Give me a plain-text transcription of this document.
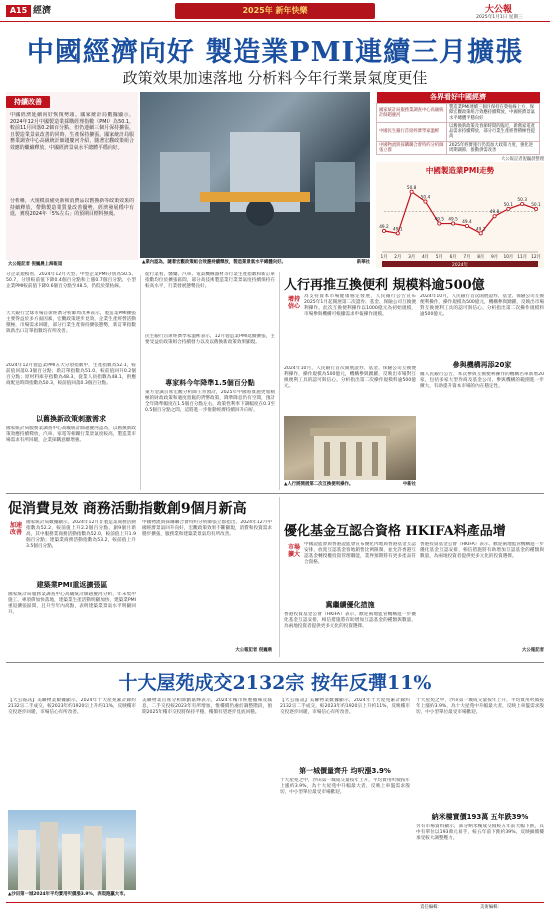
A15 經濟	2025年 新年快樂	大公報
2025年1月1日 星期三
中國經濟向好 製造業PMI連續三月擴張
政策效果加速落地 分析料今年行業景氣度更佳
持續改善
中國經濟延續向好恢復勢頭。國家統計局數據顯示，2024年12月中國製造業採購經理指數（PMI）為50.1，較前11月回落0.2個百分點，但仍連續三個月保持擴張，且製造業景氣改善的同時，生產保持擴張。國家統計局服務業調查中心高級統計師趙慶河介紹，隨著宏觀政策組合效應的繼續釋放，中國經濟景氣水平總體平穩向好。
分析稱，大規模設備更新和消費品以舊換新等政策效果的持續釋放，帶動製造業質量改善優勢，經濟發展穩中有進，實現2024年「5%左右」的預期目標料無虞。
大公報記者 倪巍晨上海報道	▲業內認為，隨著宏觀政策組合效應持續釋放，製造業景氣水平總體向好。	新華社
各界看好中國經濟	
國家統計局服務業調查中心高級統計師趙慶河	製造業PMI連續三個月保持在榮枯線上方，保障宏觀政策組合效應持續釋放，中國經濟景氣水平總體平穩向好
中國民生銀行首席經濟學家溫彬	以舊換新政策及春節時間的臨近，新舊家電產品需求持續釋放，部分行業生產經營積極性提高
中國物流與採購聯合會特約分析師張立群	2025年經濟運行仍需加大政策力度，強化逆周期調節，推動供需改善
大公報記者倪巍晨整理
中國製造業PMI走勢
49.2
1月
49.1
2月
50.8
3月
50.4
4月
49.5
5月
49.5
6月
49.4
7月
49.1
8月
49.8
9月
50.1
10月
50.3
11月
50.1
12月
2024年
分企業規模看，2024年12月大型、中型企業PMI分別為50.5、50.7，分別較前值下降0.4個百分點和上漲0.7個百分點，小型企業PMI較前值下降0.6個百分點至48.5，仍低於榮枯線。
天大銀行全球市場首席經濟分析師周茂華表示，製造業PMI擴張主要得益於多方面因素，宏觀政策逐步見效，企業生產經營活動積極，市場需求回暖，部分行業生產保持擴張態勢，新訂單指數與新出口訂單指數均有所改善。
2024年12月製造業PMI五大分項指數中，生產指數為52.1，較前值回落0.3個百分點；新訂單指數為51.0，較前值回升0.2個百分點；原材料庫存指數為48.3，從業人員指數為48.1，供應商配送時間指數為50.3，較前值回落0.3個百分點。
以舊換新政策刺激需求
國家統計局服務業調查中心高級統計師趙慶河認為，以舊換新政策效應持續釋放，汽車、家電等相關行業景氣度較高，製造業市場需求有所回暖，企業採購意願增強。
從行業看，醫藥、汽車、電氣機械器材等行業生產指數和新訂單指數均位於擴張區間，部分高技術製造業行業景氣度持續保持在較高水平，行業發展態勢良好。
民生銀行首席經濟學家溫彬表示，12月製造業PMI延續擴張，主要受益於政策組合持續發力以及以舊換新政策效果顯現。
專家料今年降準1.5個百分點
東方金誠首席宏觀分析師王青預計，2025年中國將實施更加積極的財政政策和適度寬鬆的貨幣政策，降準降息仍有空間，預計全年降準幅度在1.5個百分點左右，政策性利率下調幅度在0.3至0.5個百分點之間，這將進一步推動經濟持續回升向好。
人行再推互換便利 規模料逾500億
增持信心
為支持資本市場健康穩定發展，人民銀行公告宣布2025年1月起開展第二次證券、基金、保險公司互換便利操作。此次互換便利操作以1000億元為初始規模，市場參與機構可根據需求申報操作規模。
2024年10月，人民銀行首次開展證券、基金、保險公司互換便利操作，操作規模為500億元，機構參與踴躍，反映出市場對互換便利工具的認可與信心。分析指出第二次操作規模料逾500億元。
▲人行將開展第二次互換便利操作。	中新社
2024年10月，人民銀行首次開展證券、基金、保險公司互換便利操作，操作規模為500億元，機構參與踴躍，反映出市場對互換便利工具的認可與信心。分析指出第二次操作規模料逾500億元。
參與機構再添20家
據人民銀行公告，本次參與互換便利操作的機構名單新增20家，包括多家大型券商及基金公司，參與機構的範圍進一步擴大，有助提升資本市場的內在穩定性。
促消費見效 商務活動指數創9個月新高
加速改善
國家統計局數據顯示，2024年12月非製造業商務活動指數為52.2，較前值上升2.2個百分點，創9個月新高，其中服務業商務活動指數為52.0，較前值上升1.9個百分點；建築業商務活動指數為53.2，較前值上升3.5個百分點。
建築業PMI重返擴張區
國家統計局服務業調查中心高級統計師趙慶河分析，年末集中施工、專項債加快落地，建築業生產活動明顯加快，建築業PMI重返擴張區間，且升至年內高點，表明建築業景氣水平明顯回升。
中國物流與採購聯合會特約分析師張立群指出，2024年12月中國經濟景氣回升向好，宏觀政策效果不斷顯現，消費和投資需求穩步擴張，服務業和建築業景氣均有所改善。
大公報記者 倪巍晨
優化基金互認合資格 HKIFA料產品增
市場擴大
中國證監會與香港證監會宣布優化內地與香港基金互認安排，放寬互認基金客地銷售比例限制，並允許香港互認基金轉授權投資管理職能，業界預期將有更多產品符合資格。
冀繼續優化措施
香港投資基金公會（HKIFA）表示，歡迎兩地監管機構進一步優化基金互認安排，相信措施將有助增加互認基金的種類與數量，為兩地投資者提供更多元化的投資選擇。
香港投資基金公會（HKIFA）表示，歡迎兩地監管機構進一步優化基金互認安排，相信措施將有助增加互認基金的種類與數量，為兩地投資者提供更多元化的投資選擇。
大公報記者
十大屋苑成交2132宗 按年反彈11%
【大公報訊】美聯物業數據顯示，2024年十大屋苑累計錄約2132宗二手成交，較2023年約1920宗上升約11%，反映樓市交投逐步回暖，市場信心有所改善。
▲沙田第一城2024年平均實用呎價漲3.9%，表現跑贏大市。
美聯物業首席分析師劉嘉輝表示，2024年樓市經歷撤辣及減息，二手交投較2023年有所增加，惟樓價仍處於調整階段，預期2025年樓市交投將保持平穩，樓價有望逐步見底回穩。
【大公報訊】美聯物業數據顯示，2024年十大屋苑累計錄約2132宗二手成交，較2023年約1920宗上升約11%，反映樓市交投逐步回暖，市場信心有所改善。
第一城價量齊升 均呎漲3.9%
十大屋苑之中，沙田第一城成交量按年上升，平均實用呎價按年上漲約3.9%，為十大屋苑中升幅最大者，反映上車盤需求殷切，中小型單位最受市場歡迎。
十大屋苑之中，沙田第一城成交量按年上升，平均實用呎價按年上漲約3.9%，為十大屋苑中升幅最大者，反映上車盤需求殷切，中小型單位最受市場歡迎。
納米樓實價193萬 五年跌39%
另有市場資料顯示，部分納米樓成交價較五年前大幅下跌，其中有單位以193萬元易手，較五年前下跌約39%，反映細價樓承受較大調整壓力。
責任編輯：	美術編輯：
